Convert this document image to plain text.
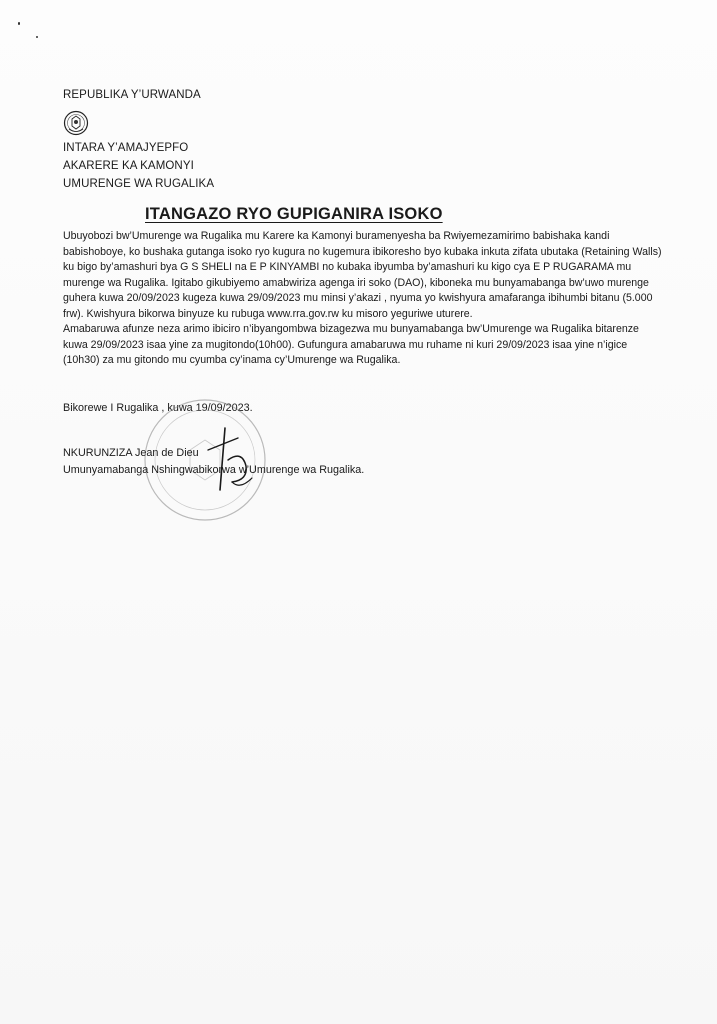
REPUBLIKA Y’URWANDA
INTARA Y’AMAJYEPFO
AKARERE KA KAMONYI
UMURENGE WA RUGALIKA
ITANGAZO RYO GUPIGANIRA ISOKO

Ubuyobozi bw’Umurenge wa Rugalika mu Karere ka Kamonyi buramenyesha ba Rwiyemezamirimo babishaka kandi babishoboye, ko bushaka gutanga isoko ryo kugura no kugemura ibikoresho byo kubaka inkuta zifata ubutaka (Retaining Walls) ku bigo by’amashuri bya G S SHELI na E P KINYAMBI no kubaka ibyumba by’amashuri ku kigo cya E P RUGARAMA mu murenge wa Rugalika. Igitabo gikubiyemo amabwiriza agenga iri soko (DAO), kiboneka mu bunyamabanga bw’uwo murenge guhera kuwa 20/09/2023 kugeza kuwa 29/09/2023 mu minsi y’akazi , nyuma yo kwishyura amafaranga ibihumbi bitanu (5.000 frw). Kwishyura bikorwa binyuze ku rubuga www.rra.gov.rw ku misoro yeguriwe uturere.

Amabaruwa afunze neza arimo ibiciro n’ibyangombwa bizagezwa mu bunyamabanga bw’Umurenge wa Rugalika bitarenze kuwa 29/09/2023 isaa yine za mugitondo(10h00). Gufungura amabaruwa mu ruhame ni kuri 29/09/2023 isaa yine n’igice (10h30) za mu gitondo mu cyumba cy’inama cy’Umurenge wa Rugalika.

Bikorewe I Rugalika , kuwa 19/09/2023.
NKURUNZIZA Jean de Dieu
Umunyamabanga Nshingwabikorwa w’Umurenge wa Rugalika.
